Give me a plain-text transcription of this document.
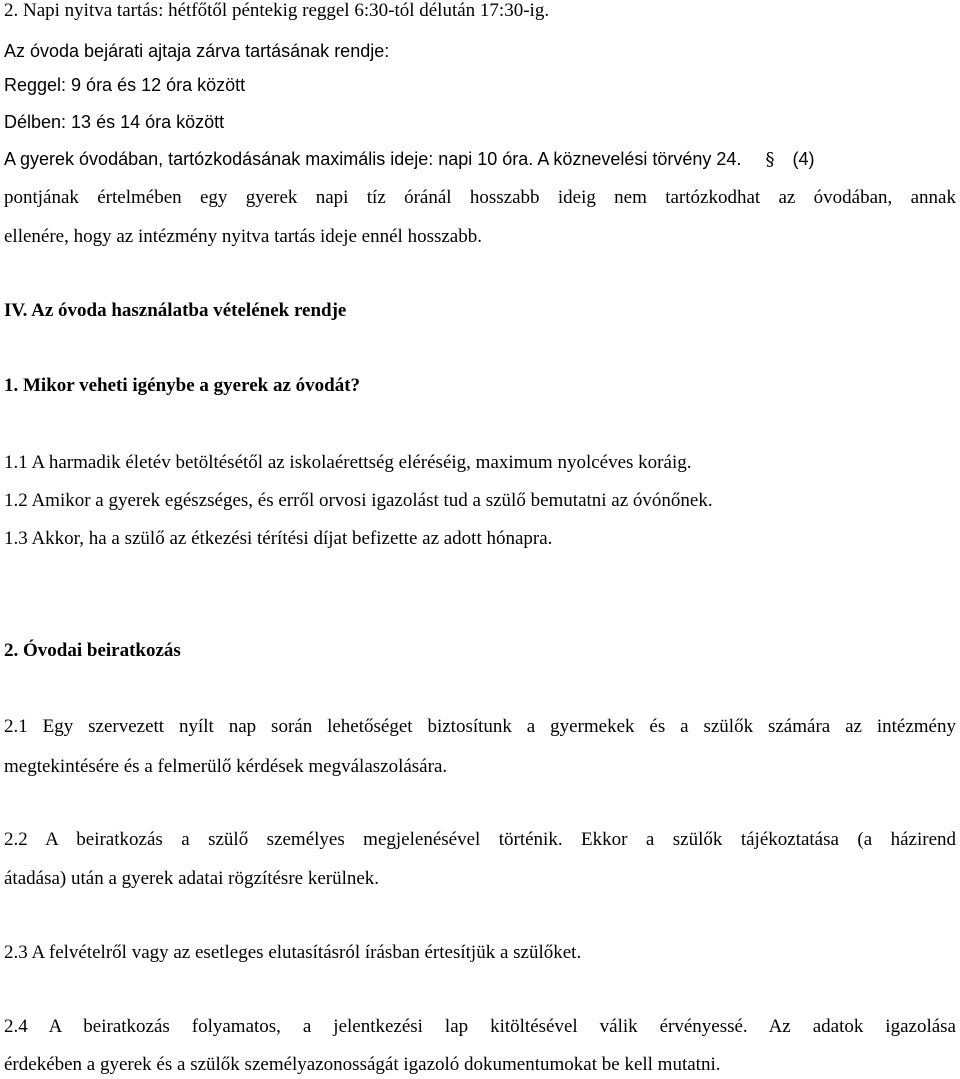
2. Napi nyitva tartás: hétfőtől péntekig reggel 6:30-tól délután 17:30-ig.
Az óvoda bejárati ajtaja zárva tartásának rendje:
Reggel: 9 óra és 12 óra között
Délben: 13 és 14 óra között
A gyerek óvodában, tartózkodásának maximális ideje: napi 10 óra. A köznevelési törvény 24. § (4)
pontjának értelmében egy gyerek napi tíz óránál hosszabb ideig nem tartózkodhat az óvodában, annak
ellenére, hogy az intézmény nyitva tartás ideje ennél hosszabb.
IV. Az óvoda használatba vételének rendje
1. Mikor veheti igénybe a gyerek az óvodát?
1.1 A harmadik életév betöltésétől az iskolaérettség eléréséig, maximum nyolcéves koráig.
1.2 Amikor a gyerek egészséges, és erről orvosi igazolást tud a szülő bemutatni az óvónőnek.
1.3 Akkor, ha a szülő az étkezési térítési díjat befizette az adott hónapra.
2. Óvodai beiratkozás
2.1 Egy szervezett nyílt nap során lehetőséget biztosítunk a gyermekek és a szülők számára az intézmény
megtekintésére és a felmerülő kérdések megválaszolására.
2.2 A beiratkozás a szülő személyes megjelenésével történik. Ekkor a szülők tájékoztatása (a házirend
átadása) után a gyerek adatai rögzítésre kerülnek.
2.3 A felvételről vagy az esetleges elutasításról írásban értesítjük a szülőket.
2.4 A beiratkozás folyamatos, a jelentkezési lap kitöltésével válik érvényessé. Az adatok igazolása
érdekében a gyerek és a szülők személyazonosságát igazoló dokumentumokat be kell mutatni.
